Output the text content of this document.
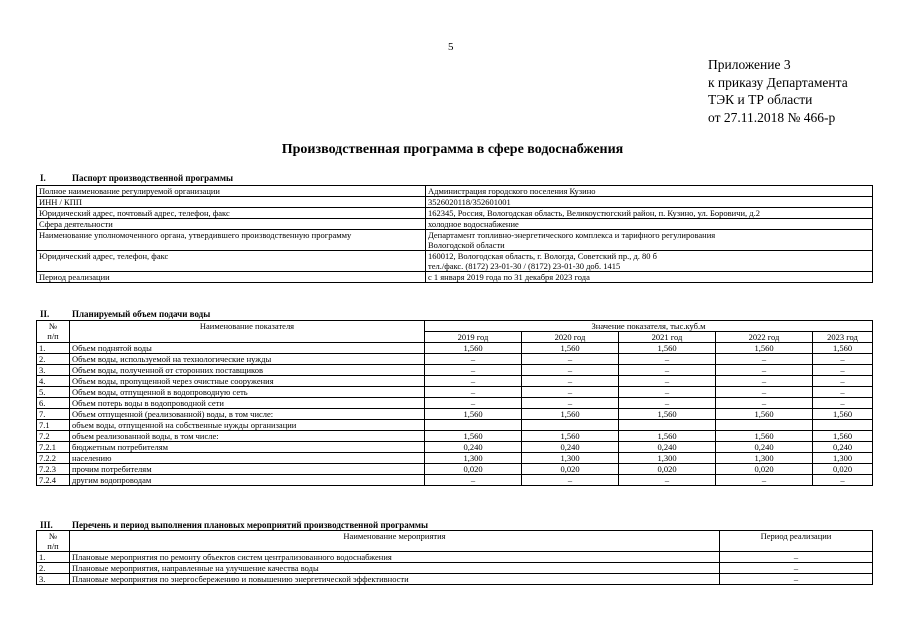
5
Приложение 3
к приказу Департамента
ТЭК и ТР области
от 27.11.2018 № 466-р
Производственная программа в сфере водоснабжения
I.	Паспорт производственной программы
Полное наименование регулируемой организации	Администрация городского поселения Кузино

ИНН / КПП	3526020118/352601001

Юридический адрес, почтовый адрес, телефон, факс	162345, Россия, Вологодская область, Великоустюгский район, п. Кузино, ул. Боровичи, д.2

Сфера деятельности	холодное водоснабжение

Наименование уполномоченного органа, утвердившего производственную программу	Департамент топливно-энергетического комплекса и тарифного регулирования
Вологодской области

Юридический адрес, телефон, факс	160012, Вологодская область, г. Вологда, Советский пр., д. 80 б
тел./факс. (8172) 23-01-30 / (8172) 23-01-30 доб. 1415

Период реализации	с 1 января 2019 года по 31 декабря 2023 года
II.	Планируемый объем подачи воды
№
п/п	Наименование показателя	Значение показателя, тыс.куб.м				
		2019 год	2020 год	2021 год	2022 год	2023 год
1.	Объем поднятой воды	1,560	1,560	1,560	1,560	1,560
2.	Объем воды, используемой на технологические нужды	–	–	–	–	–
3.	Объем воды, полученной от сторонних поставщиков	–	–	–	–	–
4.	Объем воды, пропущенной через очистные сооружения	–	–	–	–	–
5.	Объем воды, отпущенной в водопроводную сеть	–	–	–	–	–
6.	Объем потерь воды в водопроводной сети	–	–	–	–	–
7.	Объем отпущенной (реализованной) воды, в том числе:	1,560	1,560	1,560	1,560	1,560
7.1	объем воды, отпущенной на собственные нужды организации					
7.2	объем реализованной воды, в том числе:	1,560	1,560	1,560	1,560	1,560
7.2.1	бюджетным потребителям	0,240	0,240	0,240	0,240	0,240
7.2.2	населению	1,300	1,300	1,300	1,300	1,300
7.2.3	прочим потребителям	0,020	0,020	0,020	0,020	0,020
7.2.4	другим водопроводам	–	–	–	–	–
III. Перечень и период выполнения плановых мероприятий производственной программы
№
п/п	Наименование мероприятия	Период реализации
1.	Плановые мероприятия по ремонту объектов систем централизованного водоснабжения	–
2.	Плановые мероприятия, направленные на улучшение качества воды	–
3.	Плановые мероприятия по энергосбережению и повышению энергетической эффективности	–
